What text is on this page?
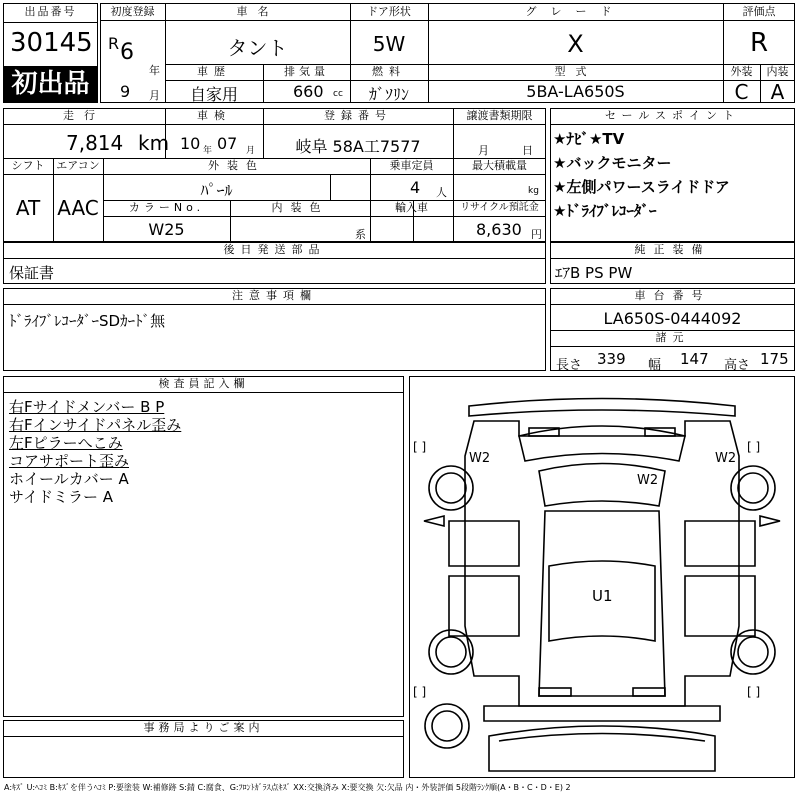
出品番号
30145
初出品
初度登録
R 6
年
9 月
車名
タント
ドア形状
5W
グレード
X
評価点
R
車歴
自家用
排気量
660 cc
燃料
ｶﾞｿﾘﾝ
型式
5BA-LA650S
外装	内装
C	A
走行
7,814 km
車検
10 年 07 月
登録番号
岐阜 58A工7577
譲渡書類期限
月	日
シフト
AT
エアコン
AAC
外装色
ﾊﾟｰﾙ
乗車定員
4 人
最大積載量
kg
カラーNo.
W25
内装色
系
輸入車	リサイクル預託金
8,630 円
セールスポイント
★ﾅﾋﾞ★TV
★バックモニター
★左側パワースライドドア
★ﾄﾞﾗｲﾌﾞﾚｺｰﾀﾞｰ
後日発送部品
保証書
純正装備
ｴｱB PS PW
注意事項欄
ﾄﾞﾗｲﾌﾞﾚｺｰﾀﾞｰSDｶｰﾄﾞ無
車台番号
LA650S-0444092
諸元
長さ 339 幅 147 高さ 175
検査員記入欄
右Fサイドメンバー B P
右Fインサイドパネル歪み
左Fピラーへこみ
コアサポート歪み
ホイールカバー A
サイドミラー A
事務局よりご案内
W2
W2
W2
U1
[ ]	[ ]
[ ]	[ ]
A:ｷｽﾞ U:ﾍｺﾐ B:ｷｽﾞを伴うﾍｺﾐ P:要塗装 W:補修跡 S:錆 C:腐食、G:ﾌﾛﾝﾄｶﾞﾗｽ点ｷｽﾞ XX:交換済み X:要交換 欠:欠品 内・外装評価 5段階ﾗﾝｸ順(A・B・C・D・E) 2
